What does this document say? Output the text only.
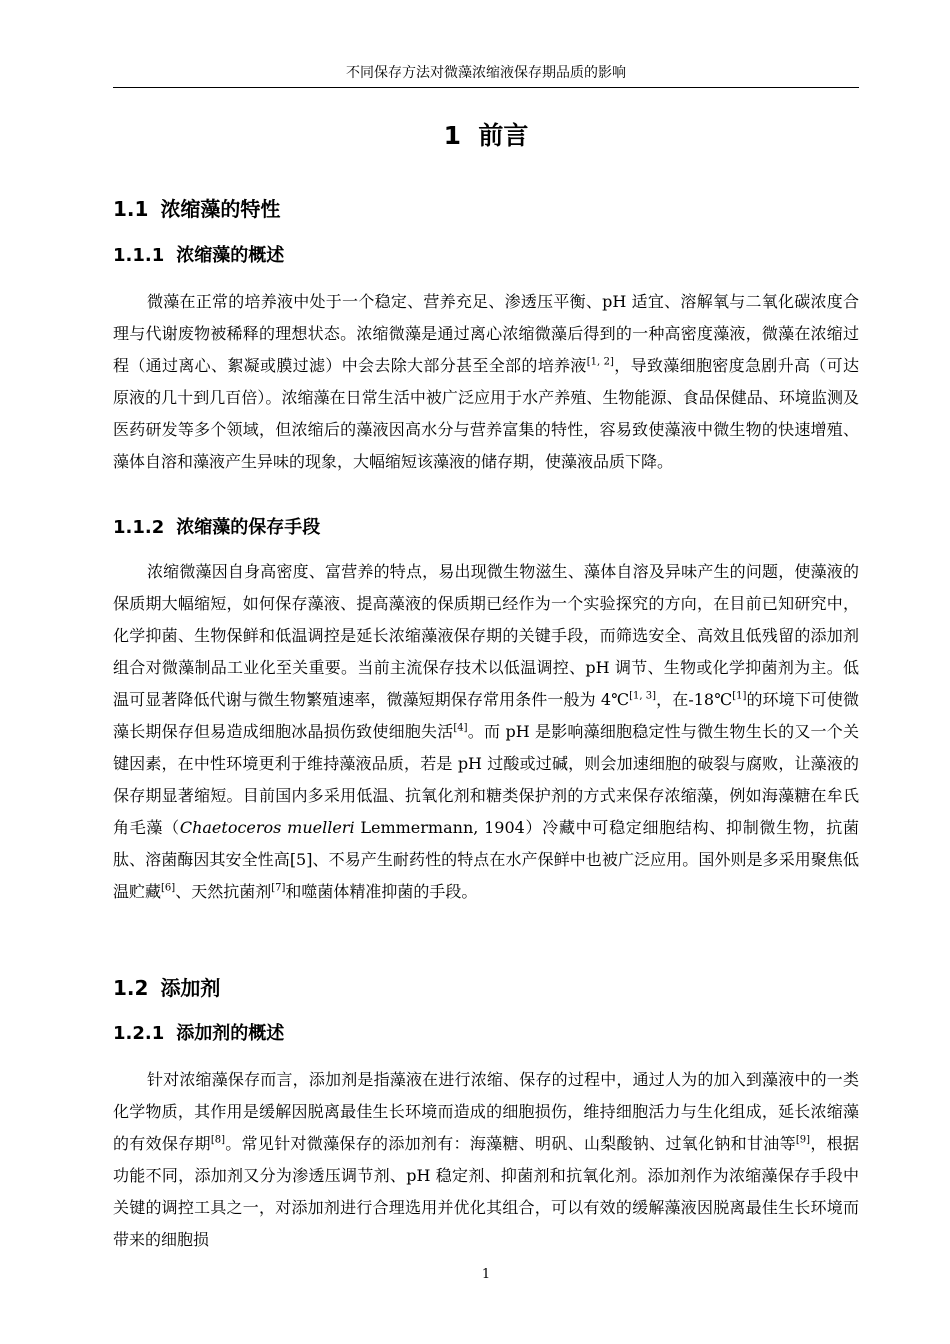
不同保存方法对微藻浓缩液保存期品质的影响
1 前言
1.1 浓缩藻的特性
1.1.1 浓缩藻的概述

微藻在正常的培养液中处于一个稳定、营养充足、渗透压平衡、pH 适宜、溶解氧与二氧化碳浓度合理与代谢废物被稀释的理想状态。浓缩微藻是通过离心浓缩微藻后得到的一种高密度藻液，微藻在浓缩过程（通过离心、絮凝或膜过滤）中会去除大部分甚至全部的培养液[1, 2]，导致藻细胞密度急剧升高（可达原液的几十到几百倍）。浓缩藻在日常生活中被广泛应用于水产养殖、生物能源、食品保健品、环境监测及医药研发等多个领域，但浓缩后的藻液因高水分与营养富集的特性，容易致使藻液中微生物的快速增殖、藻体自溶和藻液产生异味的现象，大幅缩短该藻液的储存期，使藻液品质下降。

1.1.2 浓缩藻的保存手段

浓缩微藻因自身高密度、富营养的特点，易出现微生物滋生、藻体自溶及异味产生的问题，使藻液的保质期大幅缩短，如何保存藻液、提高藻液的保质期已经作为一个实验探究的方向，在目前已知研究中，化学抑菌、生物保鲜和低温调控是延长浓缩藻液保存期的关键手段，而筛选安全、高效且低残留的添加剂组合对微藻制品工业化至关重要。当前主流保存技术以低温调控、pH 调节、生物或化学抑菌剂为主。低温可显著降低代谢与微生物繁殖速率，微藻短期保存常用条件一般为 4℃[1, 3]，在-18℃[1]的环境下可使微藻长期保存但易造成细胞冰晶损伤致使细胞失活[4]。而 pH 是影响藻细胞稳定性与微生物生长的又一个关键因素，在中性环境更利于维持藻液品质，若是 pH 过酸或过碱，则会加速细胞的破裂与腐败，让藻液的保存期显著缩短。目前国内多采用低温、抗氧化剂和糖类保护剂的方式来保存浓缩藻，例如海藻糖在牟氏角毛藻（Chaetoceros muelleri Lemmermann, 1904）冷藏中可稳定细胞结构、抑制微生物，抗菌肽、溶菌酶因其安全性高[5]、不易产生耐药性的特点在水产保鲜中也被广泛应用。国外则是多采用聚焦低温贮藏[6]、天然抗菌剂[7]和噬菌体精准抑菌的手段。

1.2 添加剂
1.2.1 添加剂的概述

针对浓缩藻保存而言，添加剂是指藻液在进行浓缩、保存的过程中，通过人为的加入到藻液中的一类化学物质，其作用是缓解因脱离最佳生长环境而造成的细胞损伤，维持细胞活力与生化组成，延长浓缩藻的有效保存期[8]。常见针对微藻保存的添加剂有：海藻糖、明矾、山梨酸钠、过氧化钠和甘油等[9]，根据功能不同，添加剂又分为渗透压调节剂、pH 稳定剂、抑菌剂和抗氧化剂。添加剂作为浓缩藻保存手段中关键的调控工具之一，对添加剂进行合理选用并优化其组合，可以有效的缓解藻液因脱离最佳生长环境而带来的细胞损

1
